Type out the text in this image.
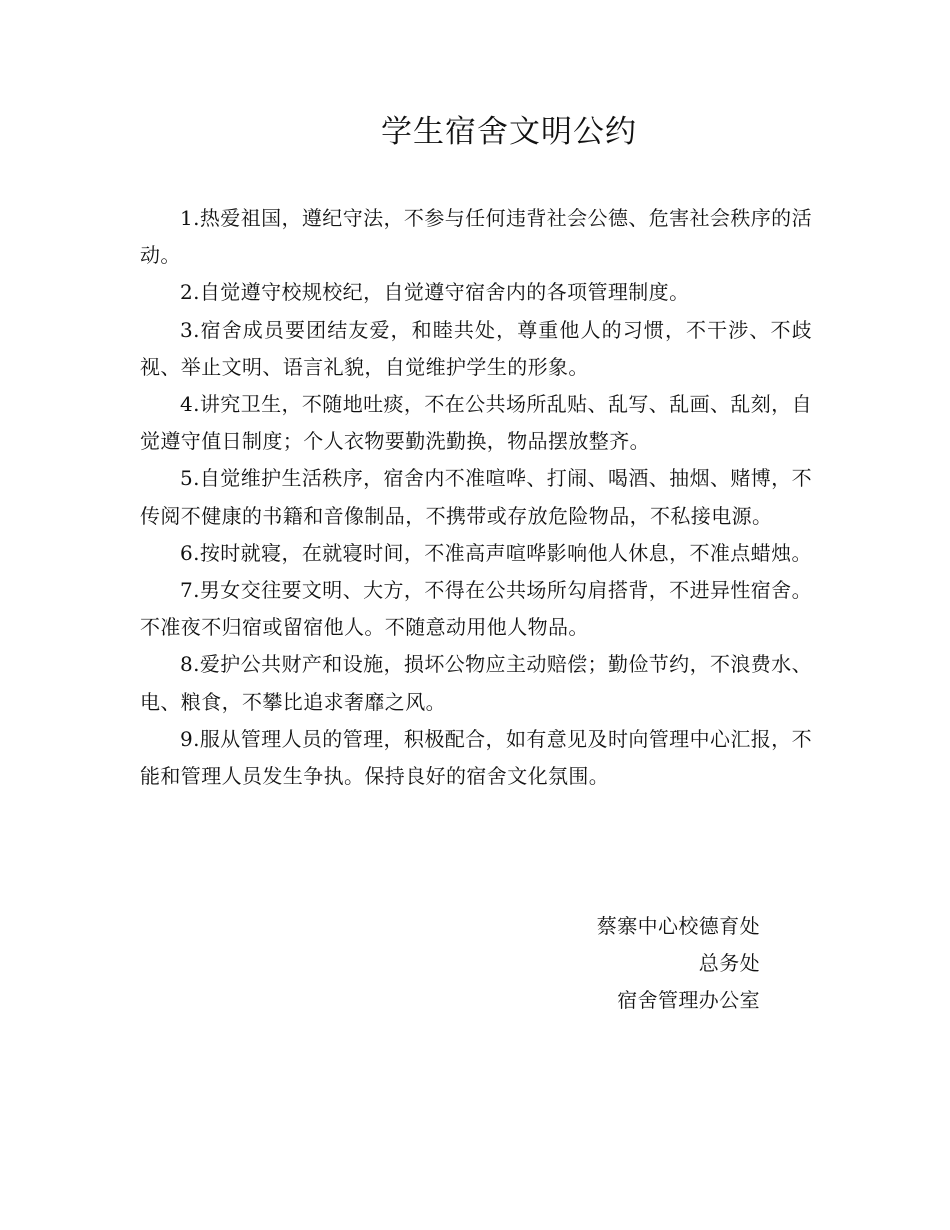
学生宿舍文明公约

1.热爱祖国，遵纪守法，不参与任何违背社会公德、危害社会秩序的活动。

2.自觉遵守校规校纪，自觉遵守宿舍内的各项管理制度。

3.宿舍成员要团结友爱，和睦共处，尊重他人的习惯，不干涉、不歧视、举止文明、语言礼貌，自觉维护学生的形象。

4.讲究卫生，不随地吐痰，不在公共场所乱贴、乱写、乱画、乱刻，自觉遵守值日制度；个人衣物要勤洗勤换，物品摆放整齐。

5.自觉维护生活秩序，宿舍内不准喧哗、打闹、喝酒、抽烟、赌博，不传阅不健康的书籍和音像制品，不携带或存放危险物品，不私接电源。

6.按时就寝，在就寝时间，不准高声喧哗影响他人休息，不准点蜡烛。

7.男女交往要文明、大方，不得在公共场所勾肩搭背，不进异性宿舍。不准夜不归宿或留宿他人。不随意动用他人物品。

8.爱护公共财产和设施，损坏公物应主动赔偿；勤俭节约，不浪费水、电、粮食，不攀比追求奢靡之风。

9.服从管理人员的管理，积极配合，如有意见及时向管理中心汇报，不能和管理人员发生争执。保持良好的宿舍文化氛围。

蔡寨中心校德育处
总务处
宿舍管理办公室
